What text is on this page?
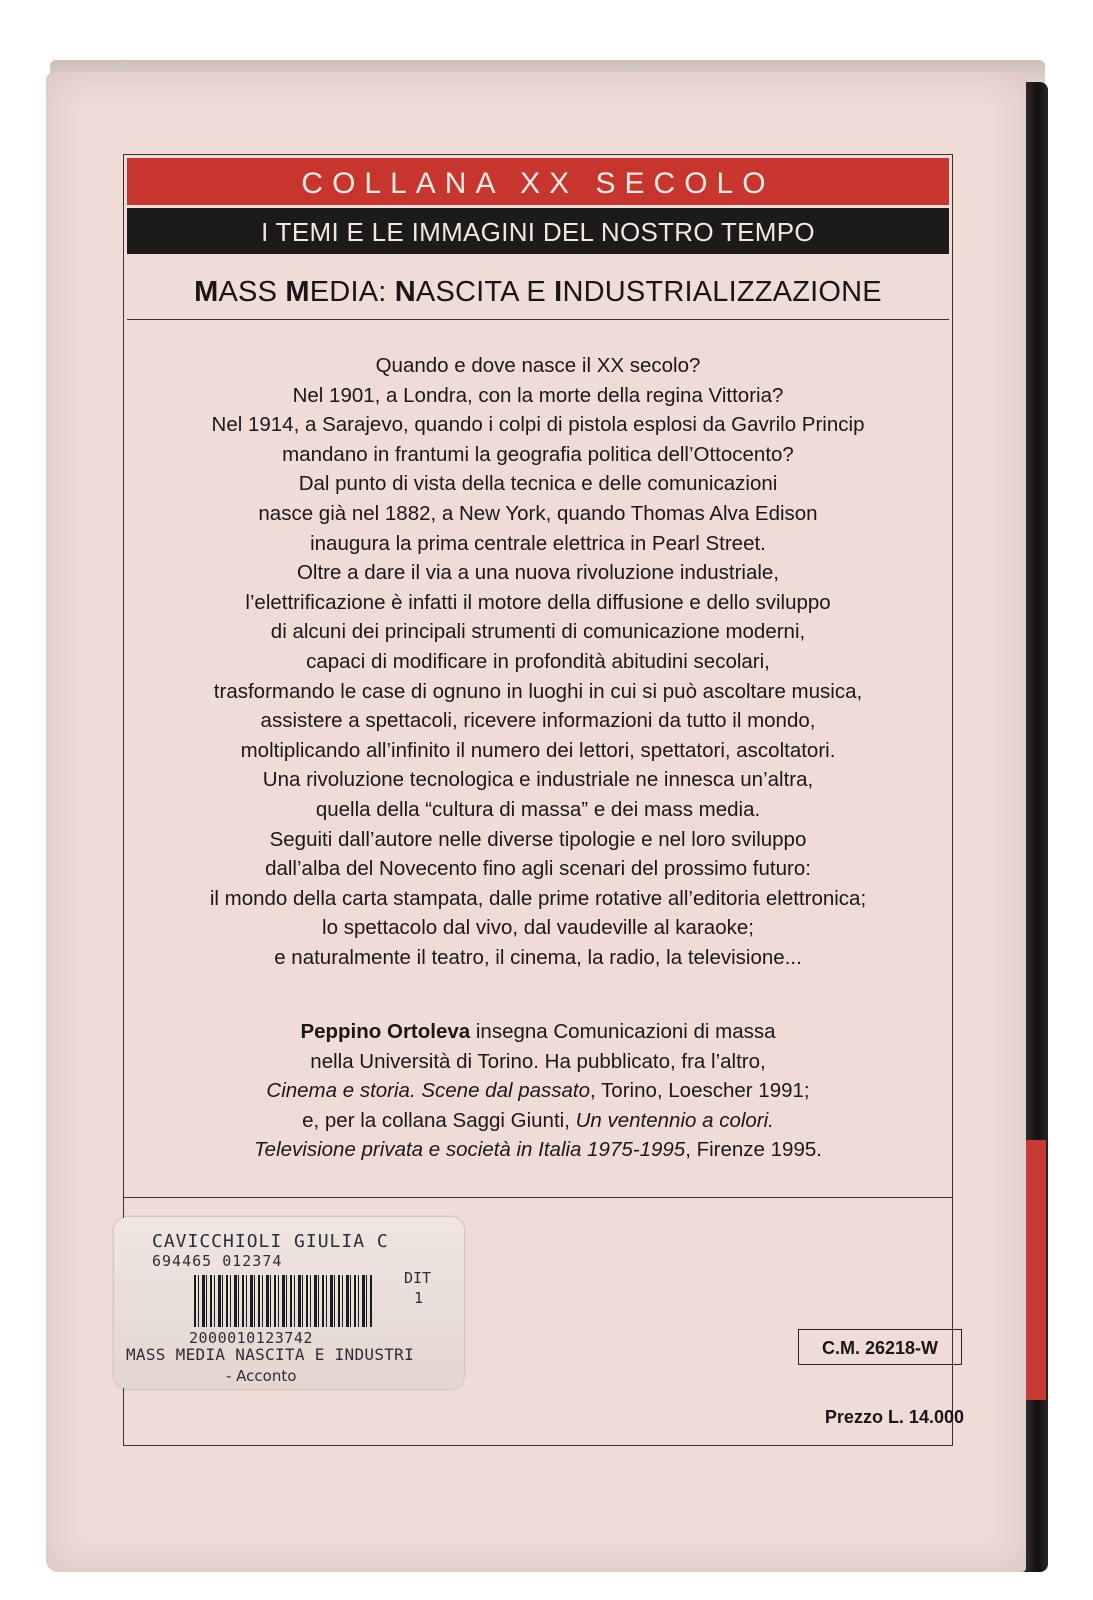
COLLANA XX SECOLO
I TEMI E LE IMMAGINI DEL NOSTRO TEMPO
MASS MEDIA: NASCITA E INDUSTRIALIZZAZIONE

Quando e dove nasce il XX secolo?

Nel 1901, a Londra, con la morte della regina Vittoria?

Nel 1914, a Sarajevo, quando i colpi di pistola esplosi da Gavrilo Princip

mandano in frantumi la geografia politica dell’Ottocento?

Dal punto di vista della tecnica e delle comunicazioni

nasce già nel 1882, a New York, quando Thomas Alva Edison

inaugura la prima centrale elettrica in Pearl Street.

Oltre a dare il via a una nuova rivoluzione industriale,

l’elettrificazione è infatti il motore della diffusione e dello sviluppo

di alcuni dei principali strumenti di comunicazione moderni,

capaci di modificare in profondità abitudini secolari,

trasformando le case di ognuno in luoghi in cui si può ascoltare musica,

assistere a spettacoli, ricevere informazioni da tutto il mondo,

moltiplicando all’infinito il numero dei lettori, spettatori, ascoltatori.

Una rivoluzione tecnologica e industriale ne innesca un’altra,

quella della “cultura di massa” e dei mass media.

Seguiti dall’autore nelle diverse tipologie e nel loro sviluppo

dall’alba del Novecento fino agli scenari del prossimo futuro:

il mondo della carta stampata, dalle prime rotative all’editoria elettronica;

lo spettacolo dal vivo, dal vaudeville al karaoke;

e naturalmente il teatro, il cinema, la radio, la televisione...

Peppino Ortoleva insegna Comunicazioni di massa

nella Università di Torino. Ha pubblicato, fra l’altro,

Cinema e storia. Scene dal passato, Torino, Loescher 1991;

e, per la collana Saggi Giunti, Un ventennio a colori.

Televisione privata e società in Italia 1975-1995, Firenze 1995.

CAVICCHIOLI GIULIA C
694465 012374
DIT
1
2000010123742
MASS MEDIA NASCITA E INDUSTRI
- Acconto
C.M. 26218-W
Prezzo L. 14.000
